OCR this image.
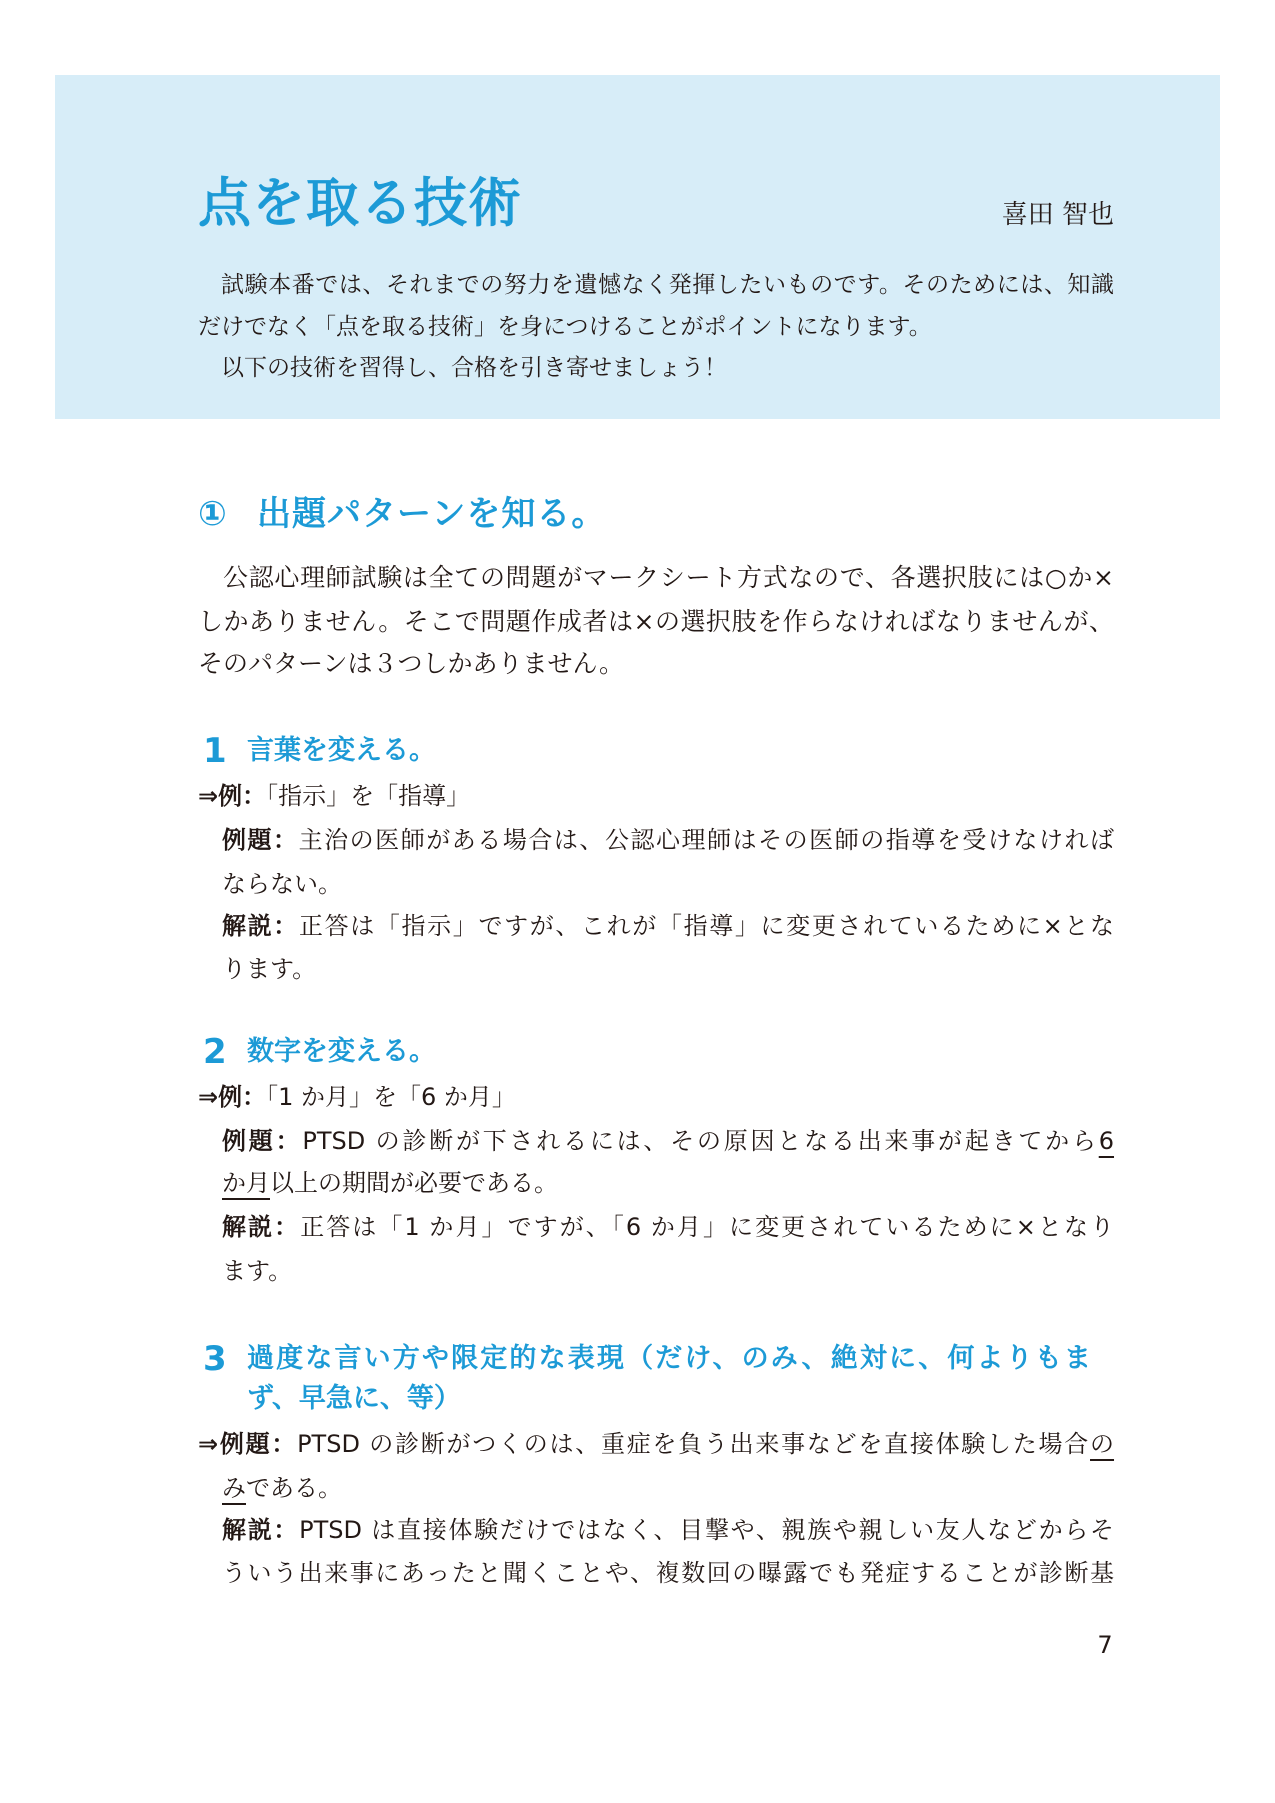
点を取る技術	喜田 智也
試験本番では、それまでの努力を遺憾なく発揮したいものです。そのためには、知識
だけでなく「点を取る技術」を身につけることがポイントになります。
以下の技術を習得し、合格を引き寄せましょう！
① 出題パターンを知る。
公認心理師試験は全ての問題がマークシート方式なので、各選択肢には○か×
しかありません。そこで問題作成者は×の選択肢を作らなければなりませんが、
そのパターンは３つしかありません。
1 言葉を変える。
⇒例：「指示」を「指導」
例題：主治の医師がある場合は、公認心理師はその医師の指導を受けなければ
ならない。
解説：正答は「指示」ですが、これが「指導」に変更されているために×とな
ります。
2 数字を変える。
⇒例：「1 か月」を「6 か月」
例題：PTSD の診断が下されるには、その原因となる出来事が起きてから6
か月以上の期間が必要である。
解説：正答は「1 か月」ですが、「6 か月」に変更されているために×となり
ます。
3 過度な言い方や限定的な表現（だけ、のみ、絶対に、何よりもま
ず、早急に、等）
⇒例題：PTSD の診断がつくのは、重症を負う出来事などを直接体験した場合の
みである。
解説：PTSD は直接体験だけではなく、目撃や、親族や親しい友人などからそ
ういう出来事にあったと聞くことや、複数回の曝露でも発症することが診断基
7
